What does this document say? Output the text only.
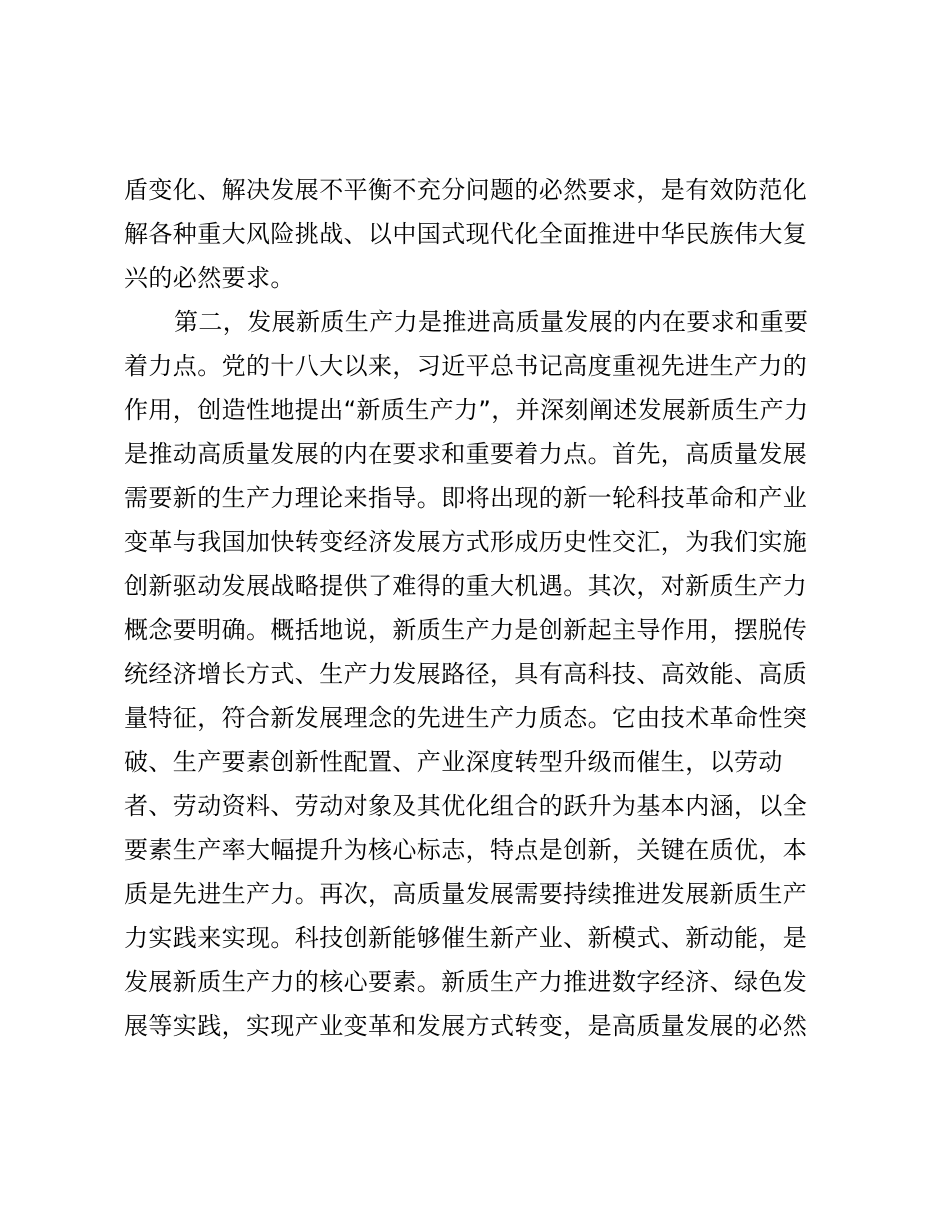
盾变化、解决发展不平衡不充分问题的必然要求，是有效防范化
解各种重大风险挑战、以中国式现代化全面推进中华民族伟大复
兴的必然要求。
第二，发展新质生产力是推进高质量发展的内在要求和重要
着力点。党的十八大以来，习近平总书记高度重视先进生产力的
作用，创造性地提出“新质生产力”，并深刻阐述发展新质生产力
是推动高质量发展的内在要求和重要着力点。首先，高质量发展
需要新的生产力理论来指导。即将出现的新一轮科技革命和产业
变革与我国加快转变经济发展方式形成历史性交汇，为我们实施
创新驱动发展战略提供了难得的重大机遇。其次，对新质生产力
概念要明确。概括地说，新质生产力是创新起主导作用，摆脱传
统经济增长方式、生产力发展路径，具有高科技、高效能、高质
量特征，符合新发展理念的先进生产力质态。它由技术革命性突
破、生产要素创新性配置、产业深度转型升级而催生，以劳动
者、劳动资料、劳动对象及其优化组合的跃升为基本内涵，以全
要素生产率大幅提升为核心标志，特点是创新，关键在质优，本
质是先进生产力。再次，高质量发展需要持续推进发展新质生产
力实践来实现。科技创新能够催生新产业、新模式、新动能，是
发展新质生产力的核心要素。新质生产力推进数字经济、绿色发
展等实践，实现产业变革和发展方式转变，是高质量发展的必然
